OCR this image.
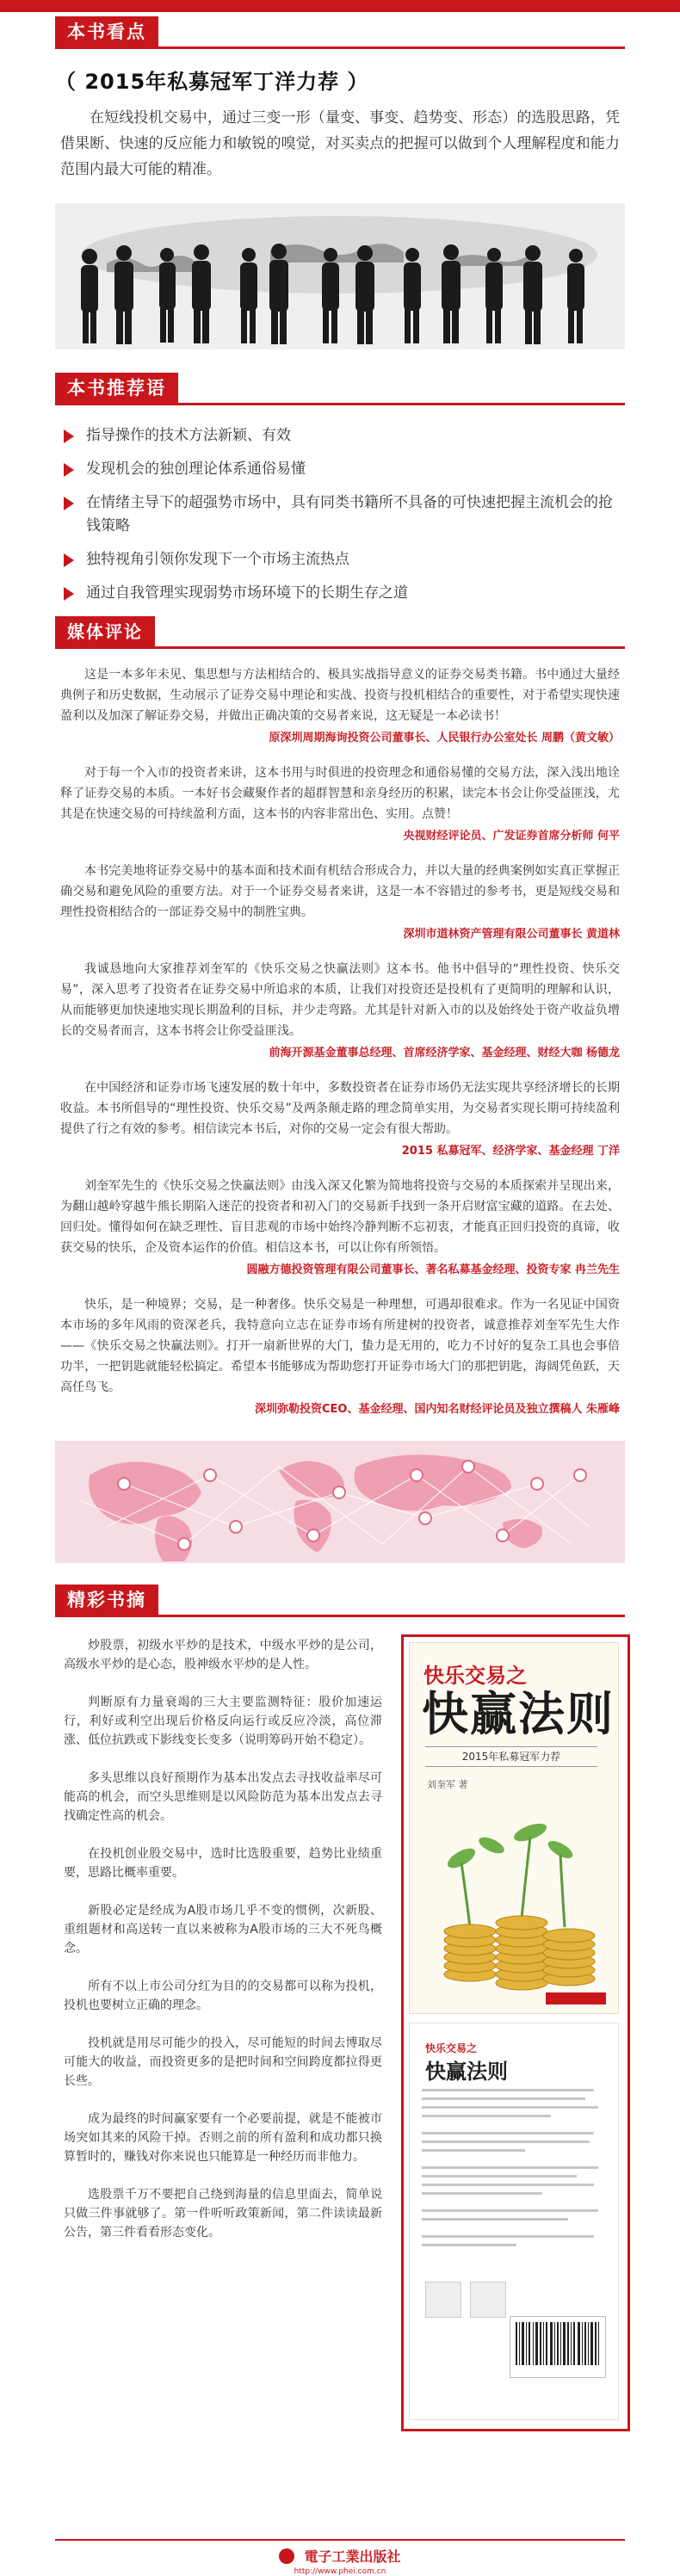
本书看点
（ 2015年私募冠军丁洋力荐 ）
在短线投机交易中，通过三变一形（量变、事变、趋势变、形态）的选股思路，凭借果断、快速的反应能力和敏锐的嗅觉，对买卖点的把握可以做到个人理解程度和能力范围内最大可能的精准。
本书推荐语
指导操作的技术方法新颖、有效
发现机会的独创理论体系通俗易懂
在情绪主导下的超强势市场中，具有同类书籍所不具备的可快速把握主流机会的抢钱策略
独特视角引领你发现下一个市场主流热点
通过自我管理实现弱势市场环境下的长期生存之道
媒体评论
这是一本多年未见、集思想与方法相结合的、极具实战指导意义的证券交易类书籍。书中通过大量经典例子和历史数据，生动展示了证券交易中理论和实战、投资与投机相结合的重要性，对于希望实现快速盈利以及加深了解证券交易，并做出正确决策的交易者来说，这无疑是一本必读书！
原深圳周期海询投资公司董事长、人民银行办公室处长 周鹏（黄文敏）
对于每一个入市的投资者来讲，这本书用与时俱进的投资理念和通俗易懂的交易方法，深入浅出地诠释了证券交易的本质。一本好书会藏聚作者的超群智慧和亲身经历的积累，读完本书会让你受益匪浅，尤其是在快速交易的可持续盈利方面，这本书的内容非常出色、实用。点赞！
央视财经评论员、广发证券首席分析师 何平
本书完美地将证券交易中的基本面和技术面有机结合形成合力，并以大量的经典案例如实真正掌握正确交易和避免风险的重要方法。对于一个证券交易者来讲，这是一本不容错过的参考书，更是短线交易和理性投资相结合的一部证券交易中的制胜宝典。
深圳市道林资产管理有限公司董事长 黄道林
我诚恳地向大家推荐刘奎军的《快乐交易之快赢法则》这本书。他书中倡导的“理性投资、快乐交易”，深入思考了投资者在证券交易中所追求的本质，让我们对投资还是投机有了更简明的理解和认识，从而能够更加快速地实现长期盈利的目标，并少走弯路。尤其是针对新入市的以及始终处于资产收益负增长的交易者而言，这本书将会让你受益匪浅。
前海开源基金董事总经理、首席经济学家、基金经理、财经大咖 杨德龙
在中国经济和证券市场飞速发展的数十年中，多数投资者在证券市场仍无法实现共享经济增长的长期收益。本书所倡导的“理性投资、快乐交易”及两条颠走路的理念简单实用，为交易者实现长期可持续盈利提供了行之有效的参考。相信读完本书后，对你的交易一定会有很大帮助。
2015 私募冠军、经济学家、基金经理 丁洋
刘奎军先生的《快乐交易之快赢法则》由浅入深又化繁为简地将投资与交易的本质探索并呈现出来，为翻山越岭穿越牛熊长期陷入迷茫的投资者和初入门的交易新手找到一条开启财富宝藏的道路。在去处、回归处。懂得如何在缺乏理性、盲目悲观的市场中始终冷静判断不忘初衷，才能真正回归投资的真谛，收获交易的快乐，企及资本运作的价值。相信这本书，可以让你有所领悟。
圆融方德投资管理有限公司董事长、著名私募基金经理、投资专家 冉兰先生
快乐，是一种境界；交易，是一种奢侈。快乐交易是一种理想，可遇却很难求。作为一名见证中国资本市场的多年风雨的资深老兵，我特意向立志在证券市场有所建树的投资者，诚意推荐刘奎军先生大作——《快乐交易之快赢法则》。打开一扇新世界的大门，蛰力是无用的，吃力不讨好的复杂工具也会事倍功半，一把钥匙就能轻松搞定。希望本书能够成为帮助您打开证券市场大门的那把钥匙，海阔凭鱼跃，天高任鸟飞。
深圳弥勒投资CEO、基金经理、国内知名财经评论员及独立撰稿人 朱雁峰
精彩书摘

炒股票，初级水平炒的是技术，中级水平炒的是公司，高级水平炒的是心态，股神级水平炒的是人性。

判断原有力量衰竭的三大主要监测特征：股价加速运行，利好或利空出现后价格反向运行或反应冷淡，高位滞涨、低位抗跌或下影线变长变多（说明筹码开始不稳定）。

多头思维以良好预期作为基本出发点去寻找收益率尽可能高的机会，而空头思维则是以风险防范为基本出发点去寻找确定性高的机会。

在投机创业股交易中，选时比选股重要，趋势比业绩重要，思路比概率重要。

新股必定是经成为A股市场几乎不变的惯例，次新股、重组题材和高送转一直以来被称为A股市场的三大不死鸟概念。

所有不以上市公司分红为目的的交易都可以称为投机，投机也要树立正确的理念。

投机就是用尽可能少的投入，尽可能短的时间去博取尽可能大的收益，而投资更多的是把时间和空间跨度都拉得更长些。

成为最终的时间赢家要有一个必要前提，就是不能被市场突如其来的风险干掉。否则之前的所有盈利和成功都只换算暂时的，赚钱对你来说也只能算是一种经历而非他力。

选股票千万不要把自己绕到海量的信息里面去，简单说只做三件事就够了。第一件听听政策新闻，第二件读读最新公告，第三件看看形态变化。

快乐交易之
快赢法则
2015年私募冠军力荐
刘奎军 著
快乐交易之
快赢法则
電子工業出版社
http://www.phei.com.cn
